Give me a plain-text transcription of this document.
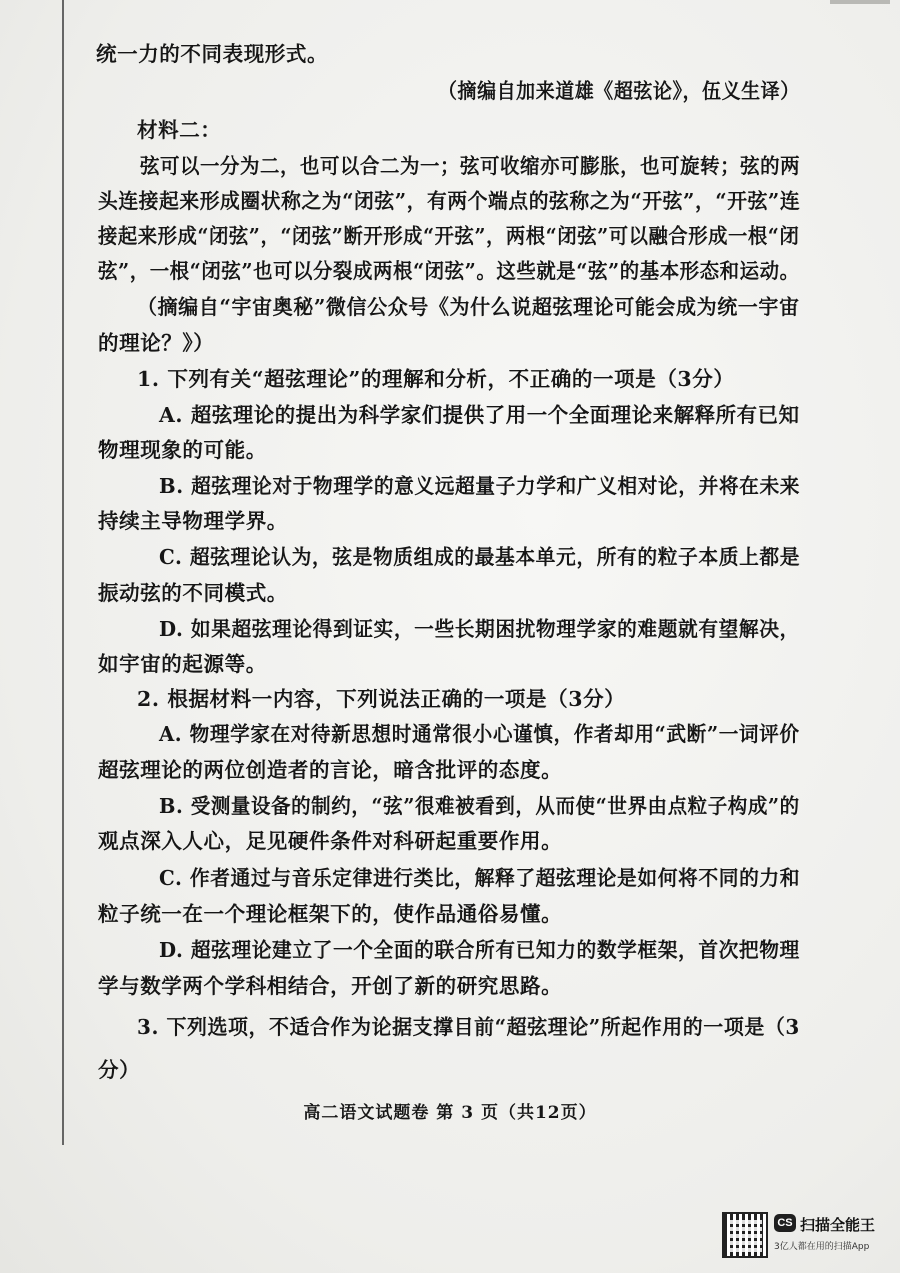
统一力的不同表现形式。
（摘编自加来道雄《超弦论》，伍义生译）
材料二：
弦可以一分为二，也可以合二为一；弦可收缩亦可膨胀，也可旋转；弦的两
头连接起来形成圈状称之为“闭弦”，有两个端点的弦称之为“开弦”，“开弦”连
接起来形成“闭弦”，“闭弦”断开形成“开弦”，两根“闭弦”可以融合形成一根“闭
弦”，一根“闭弦”也可以分裂成两根“闭弦”。这些就是“弦”的基本形态和运动。
（摘编自“宇宙奥秘”微信公众号《为什么说超弦理论可能会成为统一宇宙
的理论？》）
1. 下列有关“超弦理论”的理解和分析，不正确的一项是（3分）
A. 超弦理论的提出为科学家们提供了用一个全面理论来解释所有已知
物理现象的可能。
B. 超弦理论对于物理学的意义远超量子力学和广义相对论，并将在未来
持续主导物理学界。
C. 超弦理论认为，弦是物质组成的最基本单元，所有的粒子本质上都是
振动弦的不同模式。
D. 如果超弦理论得到证实，一些长期困扰物理学家的难题就有望解决，
如宇宙的起源等。
2. 根据材料一内容，下列说法正确的一项是（3分）
A. 物理学家在对待新思想时通常很小心谨慎，作者却用“武断”一词评价
超弦理论的两位创造者的言论，暗含批评的态度。
B. 受测量设备的制约，“弦”很难被看到，从而使“世界由点粒子构成”的
观点深入人心，足见硬件条件对科研起重要作用。
C. 作者通过与音乐定律进行类比，解释了超弦理论是如何将不同的力和
粒子统一在一个理论框架下的，使作品通俗易懂。
D. 超弦理论建立了一个全面的联合所有已知力的数学框架，首次把物理
学与数学两个学科相结合，开创了新的研究思路。
3. 下列选项，不适合作为论据支撑目前“超弦理论”所起作用的一项是（3
分）
高二语文试题卷 第 3 页（共12页）
CS 扫描全能王
3亿人都在用的扫描App
